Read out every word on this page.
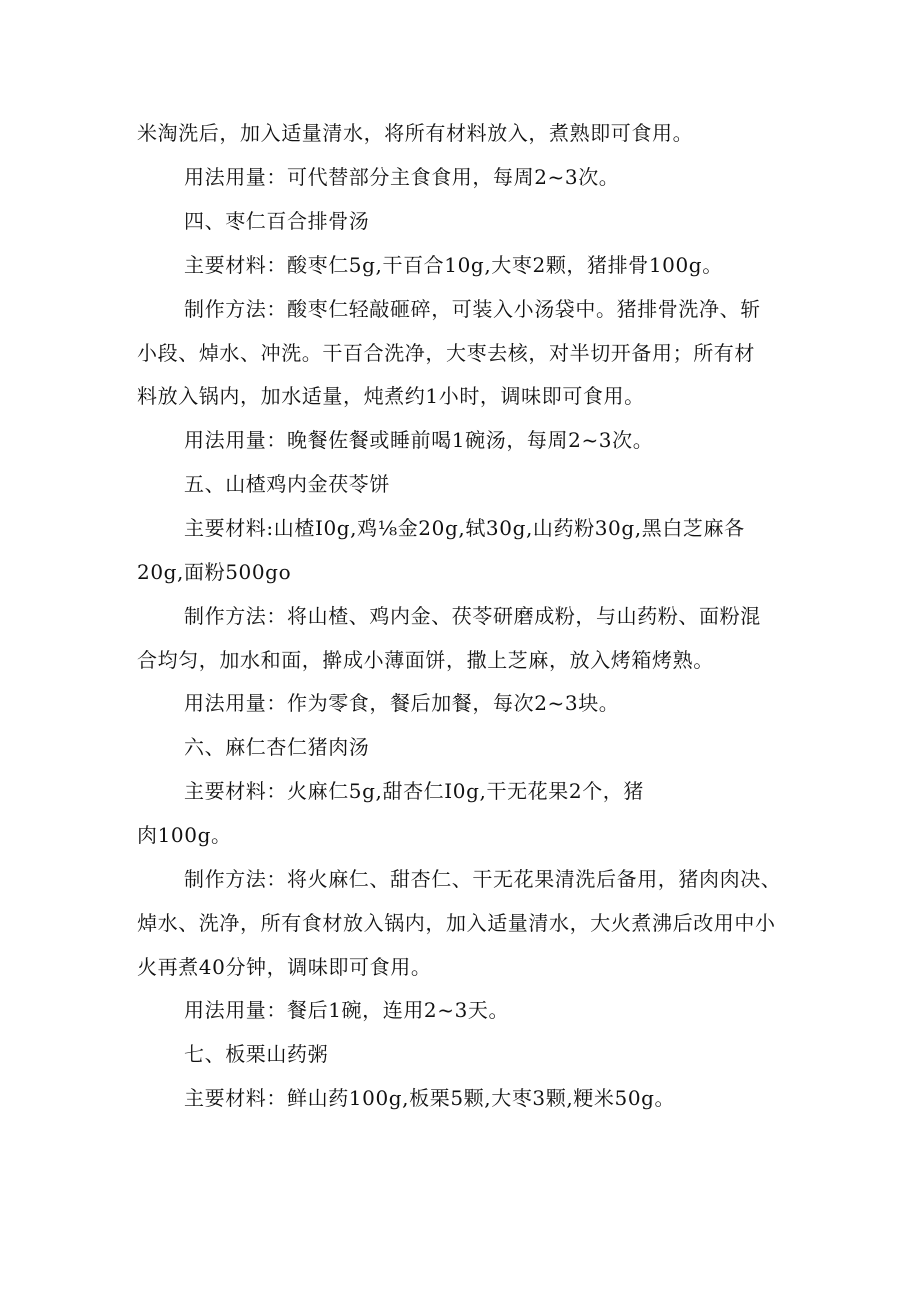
米淘洗后，加入适量清水，将所有材料放入，煮熟即可食用。
用法用量：可代替部分主食食用，每周2~3次。
四、枣仁百合排骨汤
主要材料：酸枣仁5g,干百合10g,大枣2颗，猪排骨100g。
制作方法：酸枣仁轻敲砸碎，可装入小汤袋中。猪排骨洗净、斩
小段、焯水、冲洗。干百合洗净，大枣去核，对半切开备用；所有材
料放入锅内，加水适量，炖煮约1小时，调味即可食用。
用法用量：晚餐佐餐或睡前喝1碗汤，每周2~3次。
五、山楂鸡内金茯苓饼
主要材料:山楂I0g,鸡⅛金20g,轼30g,山药粉30g,黑白芝麻各
20g,面粉500go
制作方法：将山楂、鸡内金、茯苓研磨成粉，与山药粉、面粉混
合均匀，加水和面，擀成小薄面饼，撒上芝麻，放入烤箱烤熟。
用法用量：作为零食，餐后加餐，每次2~3块。
六、麻仁杏仁猪肉汤
主要材料：火麻仁5g,甜杏仁I0g,干无花果2个，猪
肉100g。
制作方法：将火麻仁、甜杏仁、干无花果清洗后备用，猪肉肉决、
焯水、洗净，所有食材放入锅内，加入适量清水，大火煮沸后改用中小
火再煮40分钟，调味即可食用。
用法用量：餐后1碗，连用2~3天。
七、板栗山药粥
主要材料：鲜山药100g,板栗5颗,大枣3颗,粳米50g。
